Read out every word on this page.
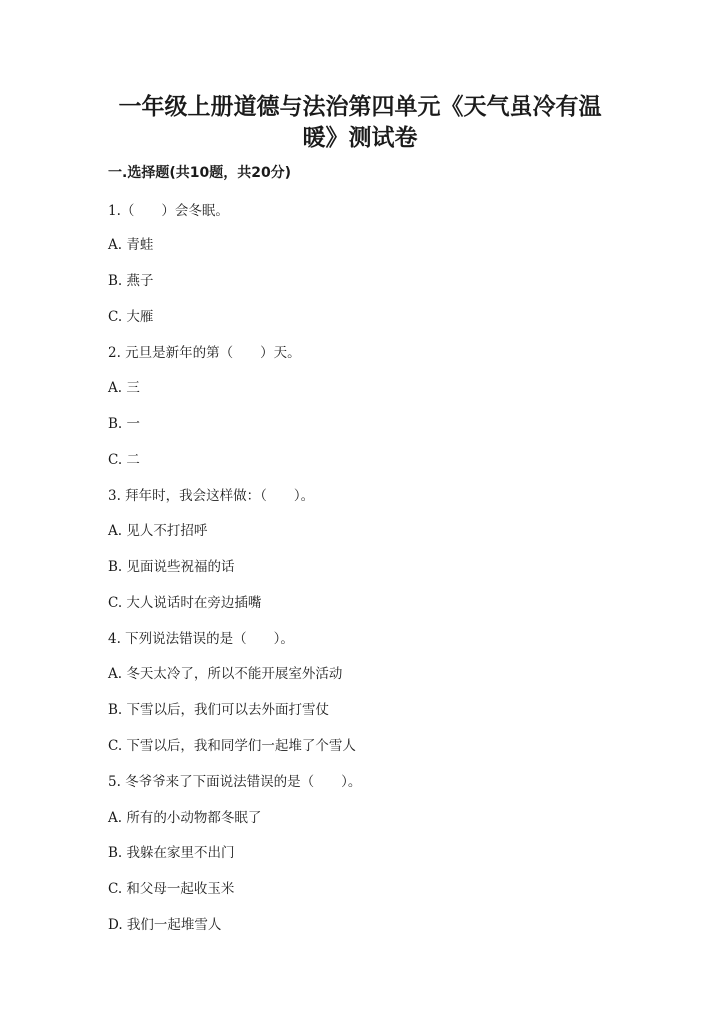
一年级上册道德与法治第四单元《天气虽冷有温
暖》测试卷
一.选择题(共10题，共20分)
1.（　　）会冬眠。
A. 青蛙
B. 燕子
C. 大雁
2. 元旦是新年的第（　　）天。
A. 三
B. 一
C. 二
3. 拜年时，我会这样做：（　　）。
A. 见人不打招呼
B. 见面说些祝福的话
C. 大人说话时在旁边插嘴
4. 下列说法错误的是（　　）。
A. 冬天太冷了，所以不能开展室外活动
B. 下雪以后，我们可以去外面打雪仗
C. 下雪以后，我和同学们一起堆了个雪人
5. 冬爷爷来了下面说法错误的是（　　）。
A. 所有的小动物都冬眠了
B. 我躲在家里不出门
C. 和父母一起收玉米
D. 我们一起堆雪人
